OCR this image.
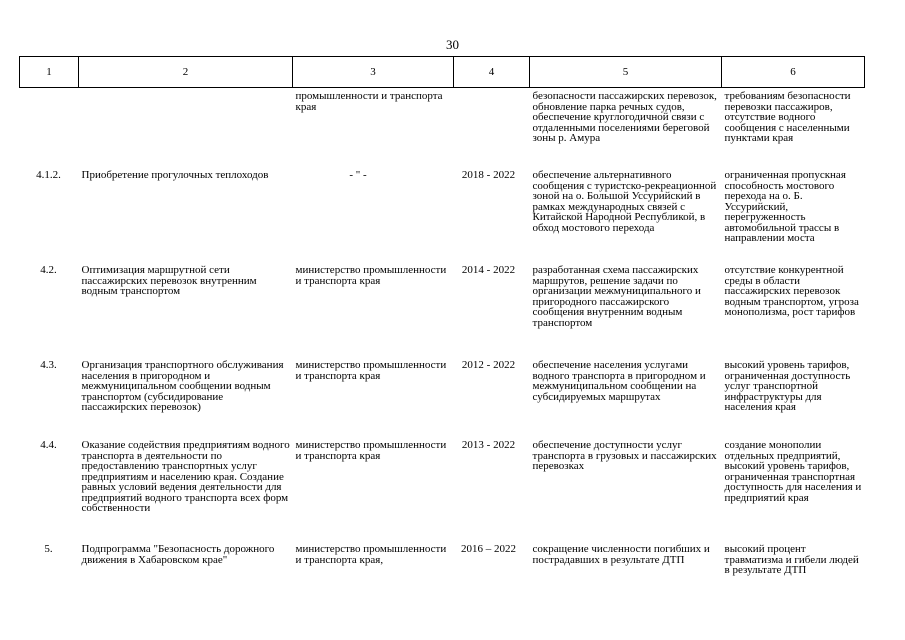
30
1	2	3	4	5	6
		промышленности и транспорта края		безопасности пассажирских перевозок, обновление парка речных судов, обеспечение круглогодичной связи с отдаленными поселениями береговой зоны р. Амура	требованиям безопасности перевозки пассажиров, отсутствие водного сообщения с населенными пунктами края
4.1.2.	Приобретение прогулочных теплоходов	- " -	2018 - 2022	обеспечение альтернативного сообщения с туристско-рекреационной зоной на о. Большой Уссурийский в рамках международных связей с Китайской Народной Республикой, в обход мостового перехода	ограниченная пропускная способность мостового перехода на о. Б. Уссурийский, перегруженность автомобильной трассы в направлении моста
4.2.	Оптимизация маршрутной сети пассажирских перевозок внутренним водным транспортом	министерство промышленности и транспорта края	2014 - 2022	разработанная схема пассажирских маршрутов, решение задачи по организации межмуниципального и пригородного пассажирского сообщения внутренним водным транспортом	отсутствие конкурентной среды в области пассажирских перевозок водным транспортом, угроза монополизма, рост тарифов
4.3.	Организация транспортного обслуживания населения в пригородном и межмуниципальном сообщении водным транспортом (субсидирование пассажирских перевозок)	министерство промышленности и транспорта края	2012 - 2022	обеспечение населения услугами водного транспорта в пригородном и межмуниципальном сообщении на субсидируемых маршрутах	высокий уровень тарифов, ограниченная доступность услуг транспортной инфраструктуры для населения края
4.4.	Оказание содействия предприятиям водного транспорта в деятельности по предоставлению транспортных услуг предприятиям и населению края. Создание равных условий ведения деятельности для предприятий водного транспорта всех форм собственности	министерство промышленности и транспорта края	2013 - 2022	обеспечение доступности услуг транспорта в грузовых и пассажирских перевозках	создание монополии отдельных предприятий, высокий уровень тарифов, ограниченная транспортная доступность для населения и предприятий края
5.	Подпрограмма "Безопасность дорожного движения в Хабаровском крае"	министерство промышленности и транспорта края,	2016 – 2022	сокращение численности погибших и пострадавших в результате ДТП	высокий процент травматизма и гибели людей в результате ДТП
